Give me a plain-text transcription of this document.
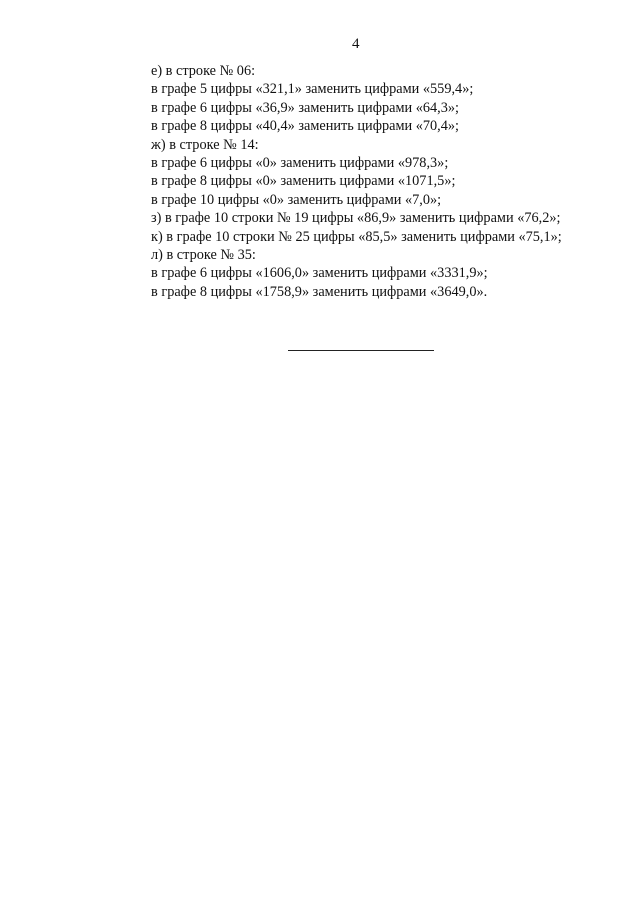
4
е) в строке № 06:
в графе 5 цифры «321,1» заменить цифрами «559,4»;
в графе 6 цифры «36,9» заменить цифрами «64,3»;
в графе 8 цифры «40,4» заменить цифрами «70,4»;
ж) в строке № 14:
в графе 6 цифры «0» заменить цифрами «978,3»;
в графе 8 цифры «0» заменить цифрами «1071,5»;
в графе 10 цифры «0» заменить цифрами «7,0»;
з) в графе 10 строки № 19 цифры «86,9» заменить цифрами «76,2»;
к) в графе 10 строки № 25 цифры «85,5» заменить цифрами «75,1»;
л) в строке № 35:
в графе 6 цифры «1606,0» заменить цифрами «3331,9»;
в графе 8 цифры «1758,9» заменить цифрами «3649,0».
